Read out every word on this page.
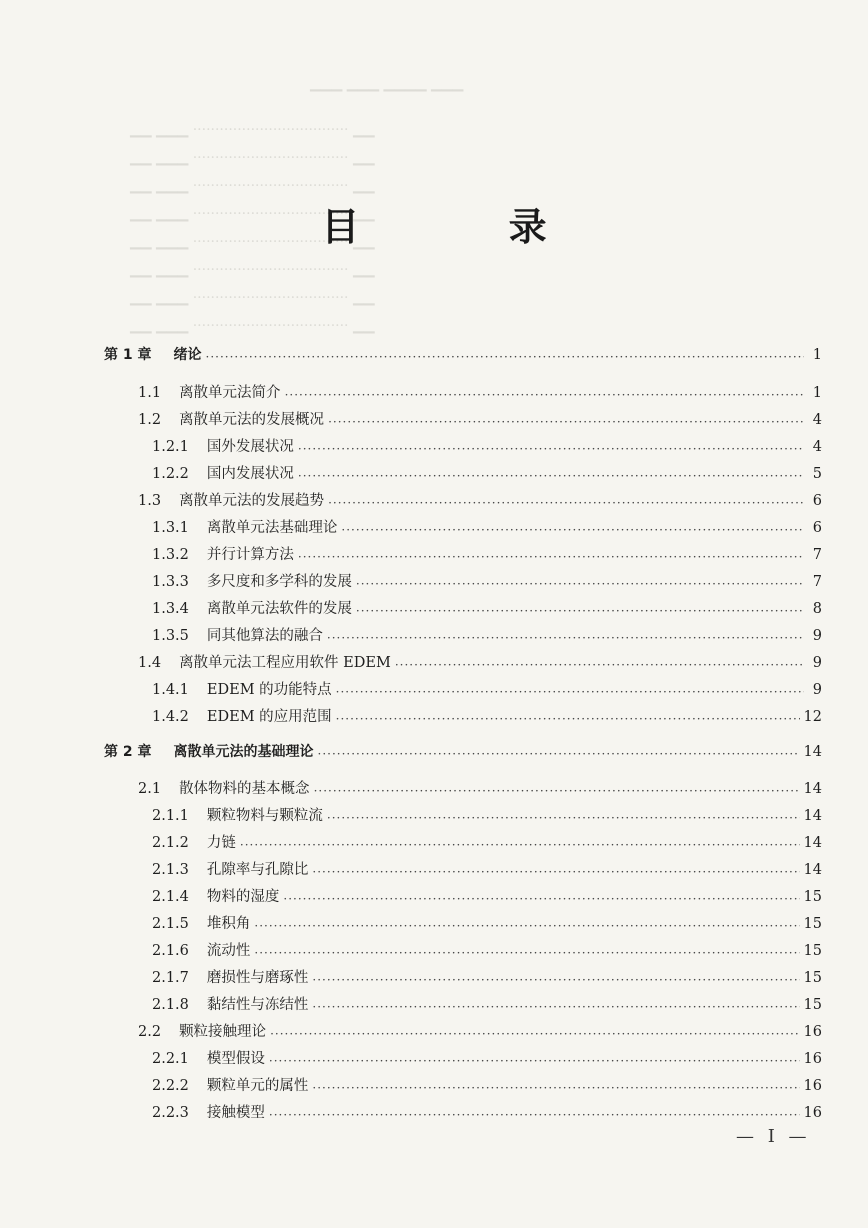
▁▁▁ ▁▁▁ ▁▁▁▁ ▁▁▁
▁▁ ▁▁▁ ··································· ▁▁
▁▁ ▁▁▁ ··································· ▁▁
▁▁ ▁▁▁ ··································· ▁▁
▁▁ ▁▁▁ ··································· ▁▁
▁▁ ▁▁▁ ··································· ▁▁
▁▁ ▁▁▁ ··································· ▁▁
▁▁ ▁▁▁ ··································· ▁▁
▁▁ ▁▁▁ ··································· ▁▁
目 录
第 1 章 绪论 ·····	1
1.1 离散单元法简介 ·····	1
1.2 离散单元法的发展概况 ·····	4
1.2.1 国外发展状况 ·····	4
1.2.2 国内发展状况 ·····	5
1.3 离散单元法的发展趋势 ·····	6
1.3.1 离散单元法基础理论 ·····	6
1.3.2 并行计算方法 ·····	7
1.3.3 多尺度和多学科的发展 ·····	7
1.3.4 离散单元法软件的发展 ·····	8
1.3.5 同其他算法的融合 ·····	9
1.4 离散单元法工程应用软件 EDEM ·····	9
1.4.1 EDEM 的功能特点 ·····	9
1.4.2 EDEM 的应用范围 ·····	12
第 2 章 离散单元法的基础理论 ·····	14
2.1 散体物料的基本概念 ·····	14
2.1.1 颗粒物料与颗粒流 ·····	14
2.1.2 力链 ·····	14
2.1.3 孔隙率与孔隙比 ·····	14
2.1.4 物料的湿度 ·····	15
2.1.5 堆积角 ·····	15
2.1.6 流动性 ·····	15
2.1.7 磨损性与磨琢性 ·····	15
2.1.8 黏结性与冻结性 ·····	15
2.2 颗粒接触理论 ·····	16
2.2.1 模型假设 ·····	16
2.2.2 颗粒单元的属性 ·····	16
2.2.3 接触模型 ·····	16
— I —
